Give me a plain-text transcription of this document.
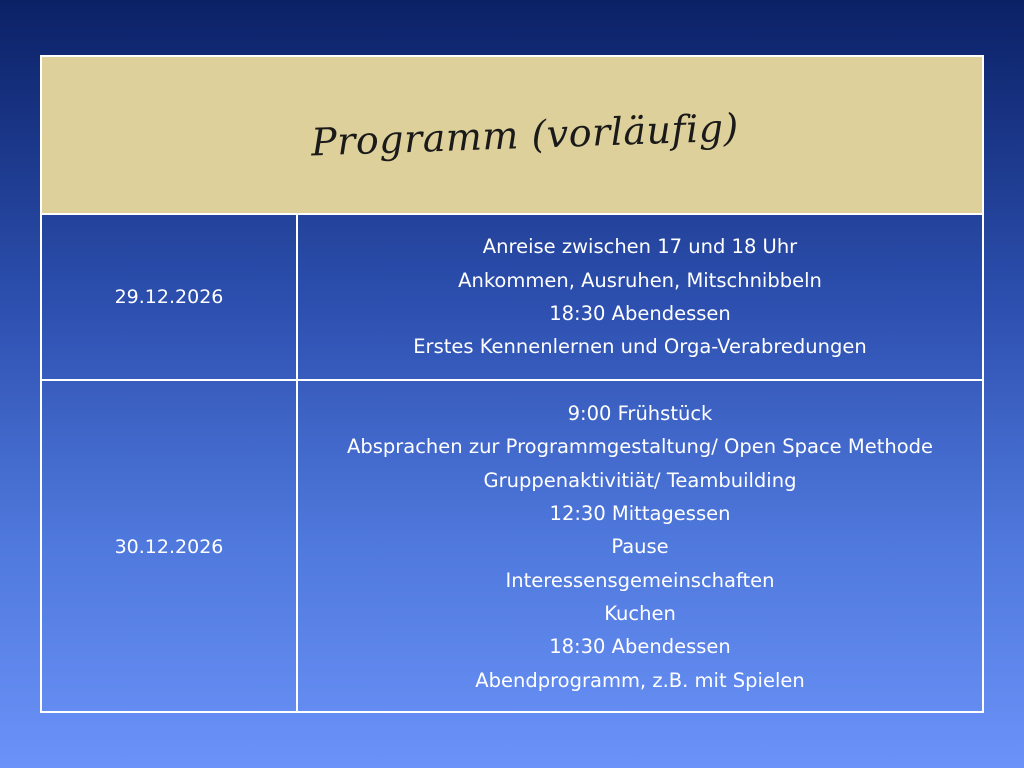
Programm (vorläufig)
29.12.2026
Anreise zwischen 17 und 18 Uhr
Ankommen, Ausruhen, Mitschnibbeln
18:30 Abendessen
Erstes Kennenlernen und Orga-Verabredungen
30.12.2026
9:00 Frühstück
Absprachen zur Programmgestaltung/ Open Space Methode
Gruppenaktivitiät/ Teambuilding
12:30 Mittagessen
Pause
Interessensgemeinschaften
Kuchen
18:30 Abendessen
Abendprogramm, z.B. mit Spielen
